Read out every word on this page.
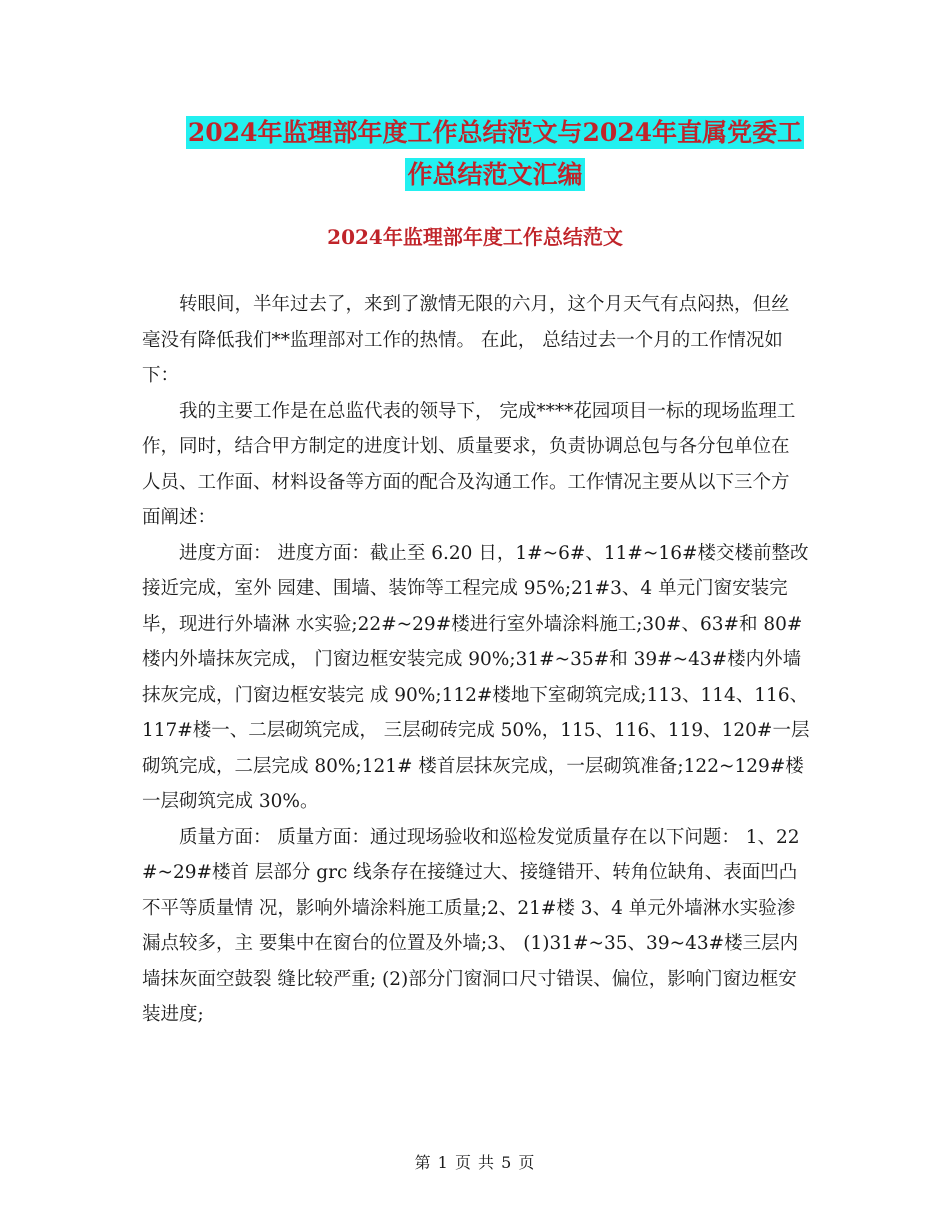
2024年监理部年度工作总结范文与2024年直属党委工
作总结范文汇编
2024年监理部年度工作总结范文

转眼间，半年过去了，来到了激情无限的六月，这个月天气有点闷热，但丝 毫没有降低我们**监理部对工作的热情。 在此， 总结过去一个月的工作情况如下：

我的主要工作是在总监代表的领导下， 完成****花园项目一标的现场监理工 作，同时，结合甲方制定的进度计划、质量要求，负责协调总包与各分包单位在 人员、工作面、材料设备等方面的配合及沟通工作。工作情况主要从以下三个方 面阐述：

进度方面： 进度方面：截止至 6.20 日，1#~6#、11#~16#楼交楼前整改接近完成，室外 园建、围墙、装饰等工程完成 95%;21#3、4 单元门窗安装完毕，现进行外墙淋 水实验;22#~29#楼进行室外墙涂料施工;30#、63#和 80#楼内外墙抹灰完成， 门窗边框安装完成 90%;31#~35#和 39#~43#楼内外墙抹灰完成，门窗边框安装完 成 90%;112#楼地下室砌筑完成;113、114、116、117#楼一、二层砌筑完成， 三层砌砖完成 50%，115、116、119、120#一层砌筑完成，二层完成 80%;121# 楼首层抹灰完成，一层砌筑准备;122~129#楼一层砌筑完成 30%。

质量方面： 质量方面：通过现场验收和巡检发觉质量存在以下问题： 1、22#~29#楼首 层部分 grc 线条存在接缝过大、接缝错开、转角位缺角、表面凹凸不平等质量情 况，影响外墙涂料施工质量;2、21#楼 3、4 单元外墙淋水实验渗漏点较多，主 要集中在窗台的位置及外墙;3、 (1)31#~35、39~43#楼三层内墙抹灰面空鼓裂 缝比较严重; (2)部分门窗洞口尺寸错误、偏位，影响门窗边框安装进度;

第 1 页 共 5 页
